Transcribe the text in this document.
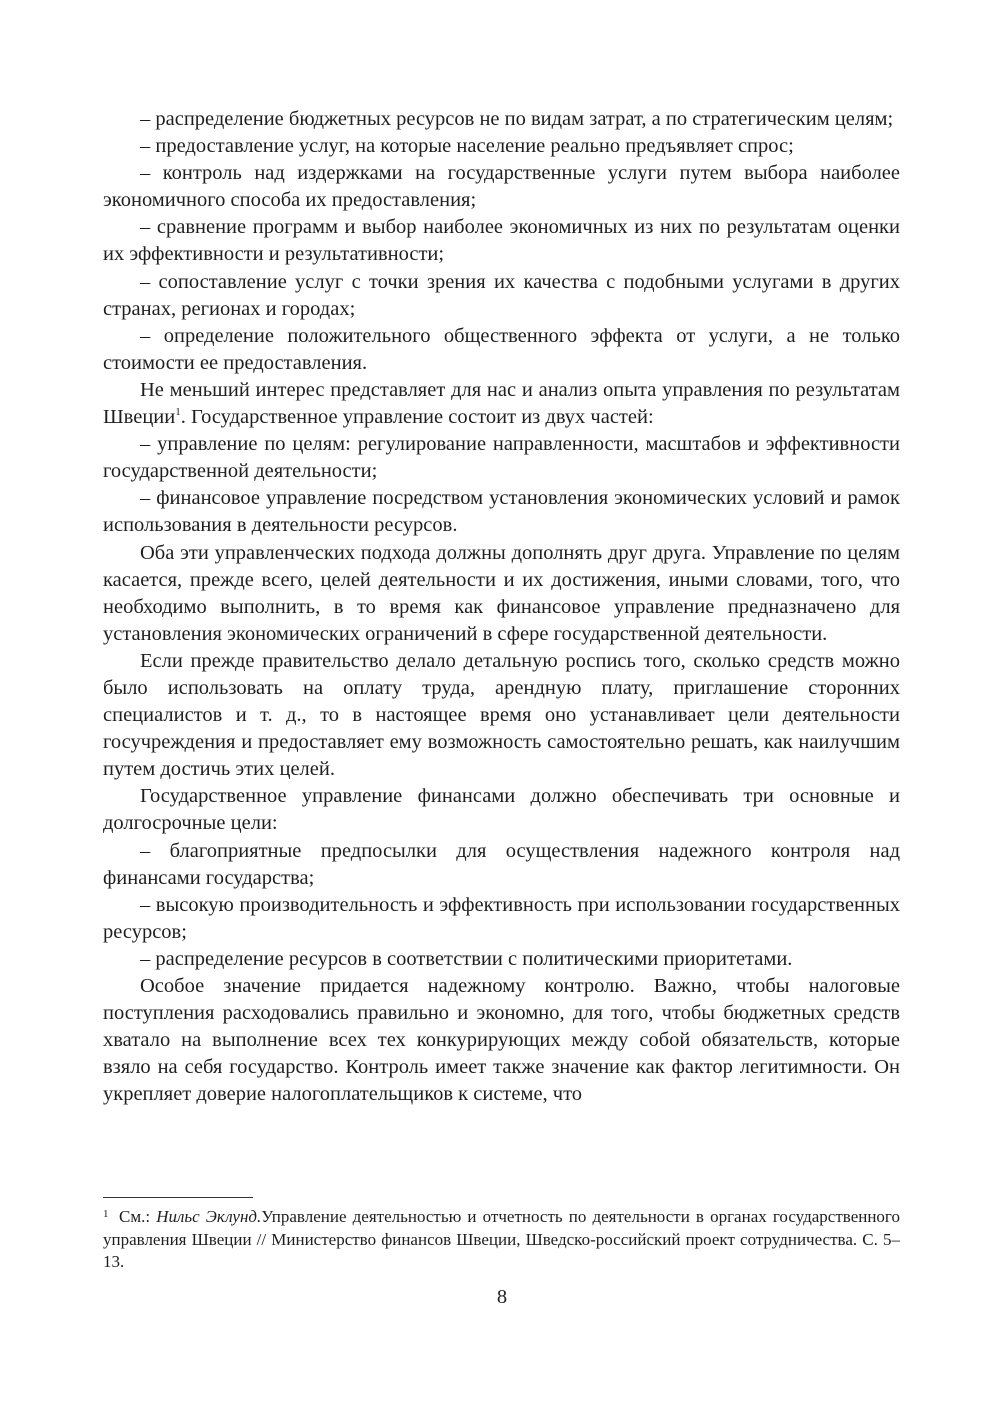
– распределение бюджетных ресурсов не по видам затрат, а по стратегическим целям;

– предоставление услуг, на которые население реально предъявляет спрос;

– контроль над издержками на государственные услуги путем выбора наиболее экономичного способа их предоставления;

– сравнение программ и выбор наиболее экономичных из них по результатам оценки их эффективности и результативности;

– сопоставление услуг с точки зрения их качества с подобными услугами в других странах, регионах и городах;

– определение положительного общественного эффекта от услуги, а не только стоимости ее предоставления.

Не меньший интерес представляет для нас и анализ опыта управления по результатам Швеции$^1$. Государственное управление состоит из двух частей:

– управление по целям: регулирование направленности, масштабов и эффективности государственной деятельности;

– финансовое управление посредством установления экономических условий и рамок использования в деятельности ресурсов.

Оба эти управленческих подхода должны дополнять друг друга. Управление по целям касается, прежде всего, целей деятельности и их достижения, иными словами, того, что необходимо выполнить, в то время как финансовое управление предназначено для установления экономических ограничений в сфере государственной деятельности.

Если прежде правительство делало детальную роспись того, сколько средств можно было использовать на оплату труда, арендную плату, приглашение сторонних специалистов и т. д., то в настоящее время оно устанавливает цели деятельности госучреждения и предоставляет ему возможность самостоятельно решать, как наилучшим путем достичь этих целей.

Государственное управление финансами должно обеспечивать три основные и долгосрочные цели:

– благоприятные предпосылки для осуществления надежного контроля над финансами государства;

– высокую производительность и эффективность при использовании государственных ресурсов;

– распределение ресурсов в соответствии с политическими приоритетами.

Особое значение придается надежному контролю. Важно, чтобы налоговые поступления расходовались правильно и экономно, для того, чтобы бюджетных средств хватало на выполнение всех тех конкурирующих между собой обязательств, которые взяло на себя государство. Контроль имеет также значение как фактор легитимности. Он укрепляет доверие налогоплательщиков к системе, что

1 См.: Нильс Эклунд.Управление деятельностью и отчетность по деятельности в органах государственного управления Швеции // Министерство финансов Швеции, Шведско-российский проект сотрудничества. С. 5–13.
8
